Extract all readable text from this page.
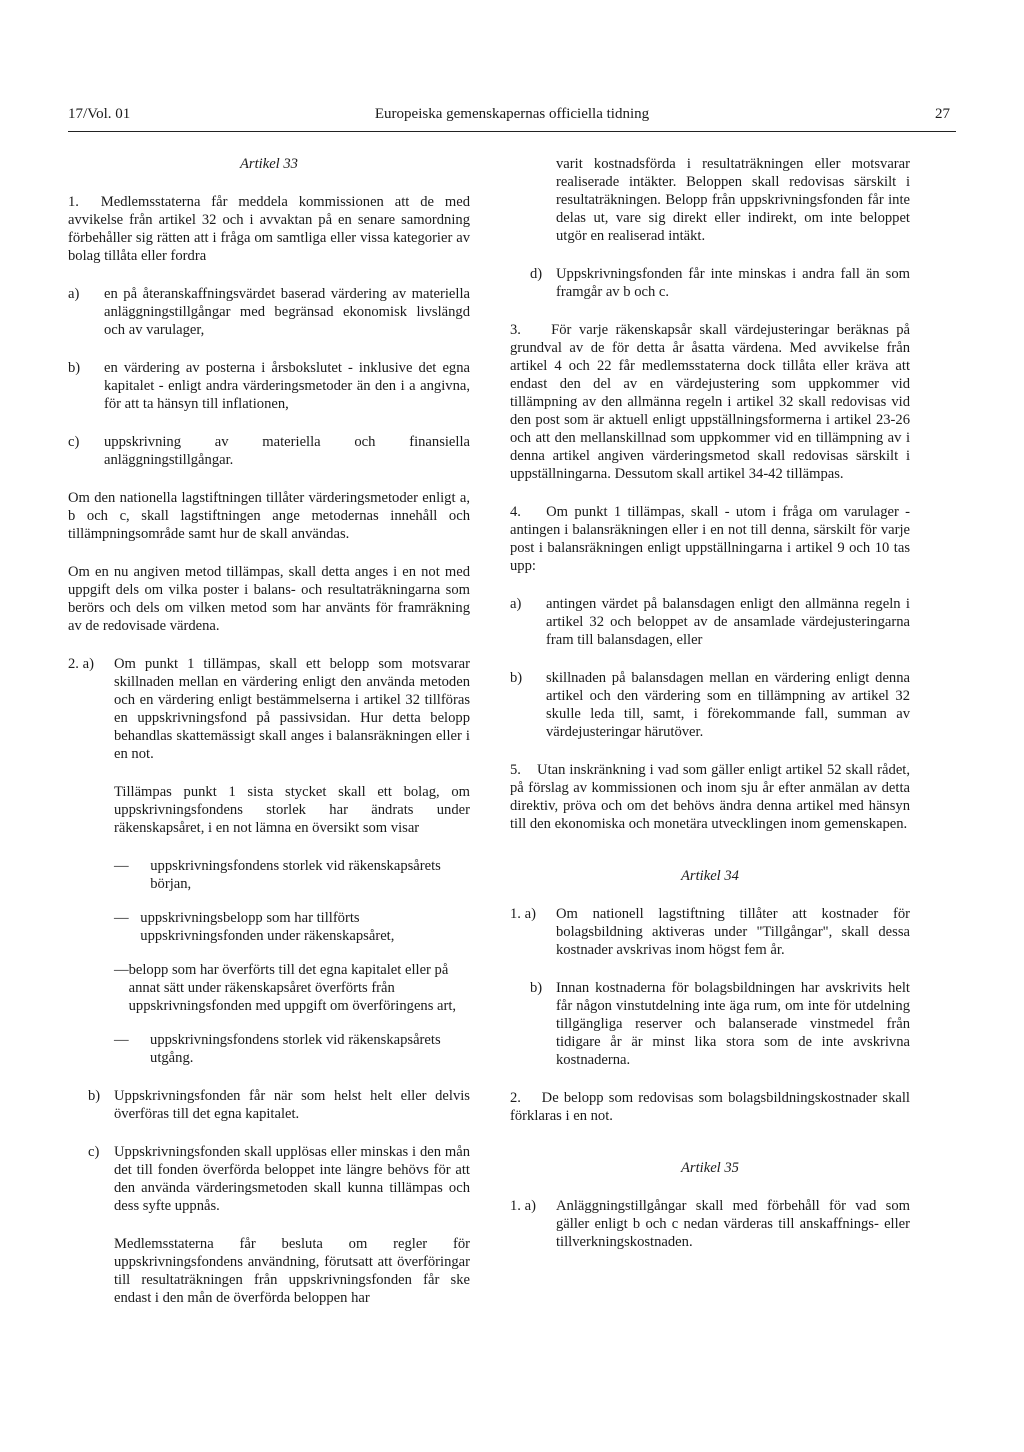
17/Vol. 01	Europeiska gemenskapernas officiella tidning	27
Artikel 33

1. Medlemsstaterna får meddela kommissionen att de med avvikelse från artikel 32 och i avvaktan på en senare samordning förbehåller sig rätten att i fråga om samtliga eller vissa kategorier av bolag tillåta eller fordra

a)	en på återanskaffningsvärdet baserad värdering av materiella anläggningstillgångar med begränsad ekonomisk livslängd och av varulager,
b)	en värdering av posterna i årsbokslutet - inklusive det egna kapitalet - enligt andra värderingsmetoder än den i a angivna, för att ta hänsyn till inflationen,
c)	uppskrivning av materiella och finansiella anläggningstillgångar.

Om den nationella lagstiftningen tillåter värderingsmetoder enligt a, b och c, skall lagstiftningen ange metodernas innehåll och tillämpningsområde samt hur de skall användas.

Om en nu angiven metod tillämpas, skall detta anges i en not med uppgift dels om vilka poster i balans- och resultaträkningarna som berörs och dels om vilken metod som har använts för framräkning av de redovisade värdena.

2. a)	Om punkt 1 tillämpas, skall ett belopp som motsvarar skillnaden mellan en värdering enligt den använda metoden och en värdering enligt bestämmelserna i artikel 32 tillföras en uppskrivningsfond på passivsidan. Hur detta belopp behandlas skattemässigt skall anges i balansräkningen eller i en not.

Tillämpas punkt 1 sista stycket skall ett bolag, om uppskrivningsfondens storlek har ändrats under räkenskapsåret, i en not lämna en översikt som visar

—	uppskrivningsfondens storlek vid räkenskapsårets början,
— uppskrivningsbelopp som har tillförts uppskrivningsfonden under räkenskapsåret,
— belopp som har överförts till det egna kapitalet eller på annat sätt under räkenskapsåret överförts från uppskrivningsfonden med uppgift om överföringens art,
—	uppskrivningsfondens storlek vid räkenskapsårets utgång.
b) Uppskrivningsfonden får när som helst helt eller delvis överföras till det egna kapitalet.
c)	Uppskrivningsfonden skall upplösas eller minskas i den mån det till fonden överförda beloppet inte längre behövs för att den använda värderingsmetoden skall kunna tillämpas och dess syfte uppnås.

Medlemsstaterna får besluta om regler för uppskrivningsfondens användning, förutsatt att överföringar till resultaträkningen från uppskrivningsfonden får ske endast i den mån de överförda beloppen har

varit kostnadsförda i resultaträkningen eller motsvarar realiserade intäkter. Beloppen skall redovisas särskilt i resultaträkningen. Belopp från uppskrivningsfonden får inte delas ut, vare sig direkt eller indirekt, om inte beloppet utgör en realiserad intäkt.

d) Uppskrivningsfonden får inte minskas i andra fall än som framgår av b och c.

3. För varje räkenskapsår skall värdejusteringar beräknas på grundval av de för detta år åsatta värdena. Med avvikelse från artikel 4 och 22 får medlemsstaterna dock tillåta eller kräva att endast den del av en värdejustering som uppkommer vid tillämpning av den allmänna regeln i artikel 32 skall redovisas vid den post som är aktuell enligt uppställningsformerna i artikel 23-26 och att den mellanskillnad som uppkommer vid en tillämpning av i denna artikel angiven värderingsmetod skall redovisas särskilt i uppställningarna. Dessutom skall artikel 34-42 tillämpas.

4. Om punkt 1 tillämpas, skall - utom i fråga om varulager - antingen i balansräkningen eller i en not till denna, särskilt för varje post i balansräkningen enligt uppställningarna i artikel 9 och 10 tas upp:

a)	antingen värdet på balansdagen enligt den allmänna regeln i artikel 32 och beloppet av de ansamlade värdejusteringarna fram till balansdagen, eller
b)	skillnaden på balansdagen mellan en värdering enligt denna artikel och den värdering som en tillämpning av artikel 32 skulle leda till, samt, i förekommande fall, summan av värdejusteringar härutöver.

5. Utan inskränkning i vad som gäller enligt artikel 52 skall rådet, på förslag av kommissionen och inom sju år efter anmälan av detta direktiv, pröva och om det behövs ändra denna artikel med hänsyn till den ekonomiska och monetära utvecklingen inom gemenskapen.

Artikel 34
1. a)	Om nationell lagstiftning tillåter att kostnader för bolagsbildning aktiveras under "Tillgångar", skall dessa kostnader avskrivas inom högst fem år.
b) Innan kostnaderna för bolagsbildningen har avskrivits helt får någon vinstutdelning inte äga rum, om inte för utdelning tillgängliga reserver och balanserade vinstmedel från tidigare år är minst lika stora som de inte avskrivna kostnaderna.

2. De belopp som redovisas som bolagsbildningskostnader skall förklaras i en not.

Artikel 35
1. a)	Anläggningstillgångar skall med förbehåll för vad som gäller enligt b och c nedan värderas till anskaffnings- eller tillverkningskostnaden.
